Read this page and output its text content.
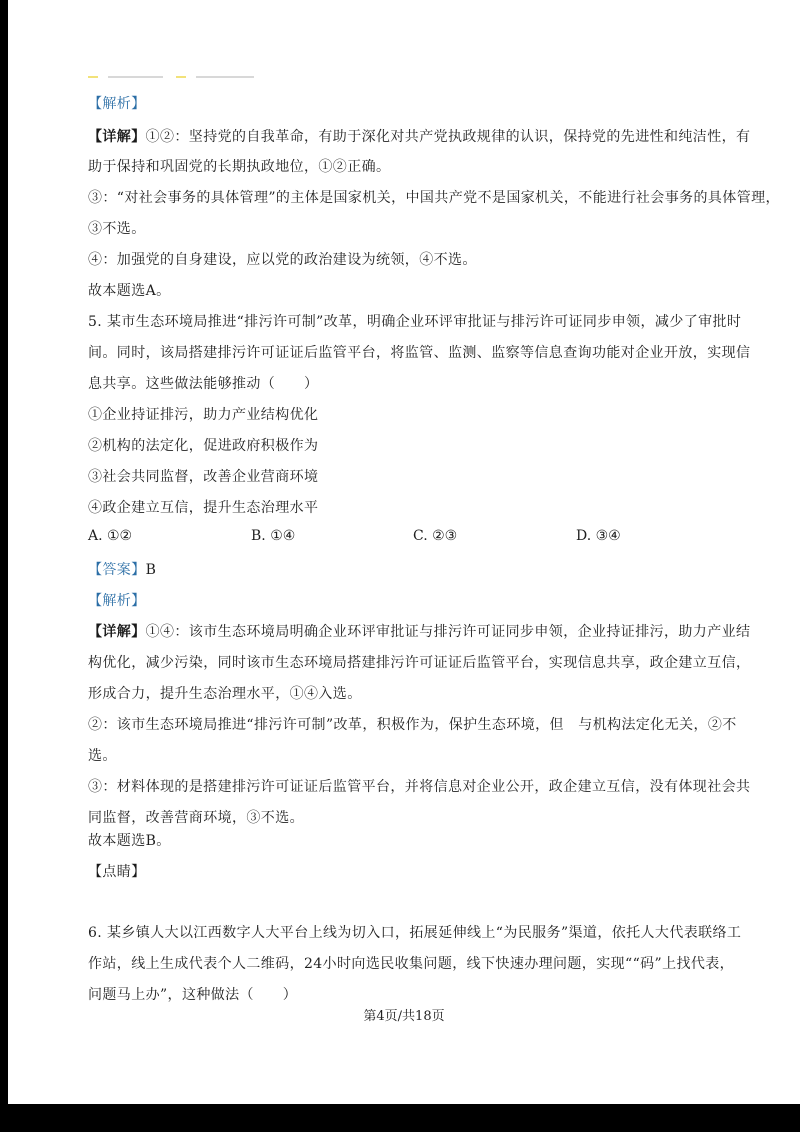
【解析】
【详解】①②：坚持党的自我革命，有助于深化对共产党执政规律的认识，保持党的先进性和纯洁性，有
助于保持和巩固党的长期执政地位，①②正确。
③：“对社会事务的具体管理”的主体是国家机关，中国共产党不是国家机关，不能进行社会事务的具体管理，
③不选。
④：加强党的自身建设，应以党的政治建设为统领，④不选。
故本题选A。
5. 某市生态环境局推进“排污许可制”改革，明确企业环评审批证与排污许可证同步申领，减少了审批时
间。同时，该局搭建排污许可证证后监管平台，将监管、监测、监察等信息查询功能对企业开放，实现信
息共享。这些做法能够推动（　　）
①企业持证排污，助力产业结构优化
②机构的法定化，促进政府积极作为
③社会共同监督，改善企业营商环境
④政企建立互信，提升生态治理水平
A. ①②	B. ①④	C. ②③	D. ③④
【答案】B
【解析】
【详解】①④：该市生态环境局明确企业环评审批证与排污许可证同步申领，企业持证排污，助力产业结
构优化，减少污染，同时该市生态环境局搭建排污许可证证后监管平台，实现信息共享，政企建立互信，
形成合力，提升生态治理水平，①④入选。
②：该市生态环境局推进“排污许可制”改革，积极作为，保护生态环境，但　与机构法定化无关，②不
选。
③：材料体现的是搭建排污许可证证后监管平台，并将信息对企业公开，政企建立互信，没有体现社会共
同监督，改善营商环境，③不选。
故本题选B。
【点睛】
6. 某乡镇人大以江西数字人大平台上线为切入口，拓展延伸线上“为民服务”渠道，依托人大代表联络工
作站，线上生成代表个人二维码，24小时向选民收集问题，线下快速办理问题，实现““码”上找代表，
问题马上办”，这种做法（　　）
第4页/共18页
